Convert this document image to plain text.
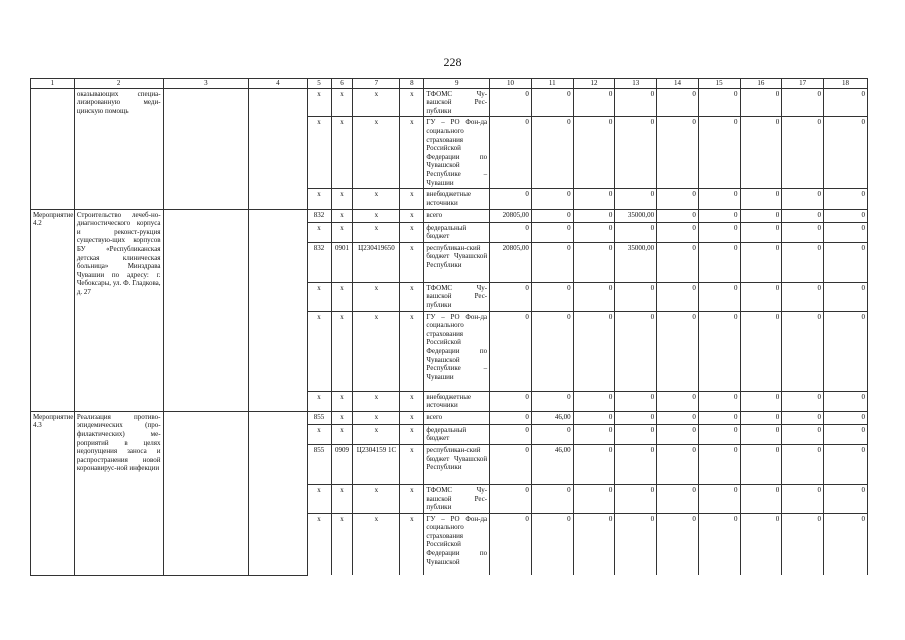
228
1	2	3	4	5	6	7	8	9	10	11	12	13	14	15	16	17	18
	оказывающих специа-лизированную меди-цинскую помощь			x	x	x	x	ТФОМС Чу-вашской Рес-публики	0	0	0	0	0	0	0	0	0
				x	x	x	x	ГУ – РО Фон-да социального страхования Российской Федерации по Чувашской Республике – Чувашии	0	0	0	0	0	0	0	0	0
				x	x	x	x	внебюджетные источники	0	0	0	0	0	0	0	0	0
Мероприятие 4.2	Строительство лечеб-но-диагностического корпуса и реконст-рукция существую-щих корпусов БУ «Республиканская детская клиническая больница» Минздрава Чувашии по адресу: г. Чебоксары, ул. Ф. Гладкова, д. 27			832	x	x	x	всего	20805,00	0	0	35000,00	0	0	0	0	0
				x	x	x	x	федеральный бюджет	0	0	0	0	0	0	0	0	0
				832	0901	Ц230419650	x	республикан-ский бюджет Чувашской Республики	20805,00	0	0	35000,00	0	0	0	0	0
				x	x	x	x	ТФОМС Чу-вашской Рес-публики	0	0	0	0	0	0	0	0	0
				x	x	x	x	ГУ – РО Фон-да социального страхования Российской Федерации по Чувашской Республике – Чувашии	0	0	0	0	0	0	0	0	0
				x	x	x	x	внебюджетные источники	0	0	0	0	0	0	0	0	0
Мероприятие 4.3	Реализация противо-эпидемических (про-филактических) ме-роприятий в целях недопущения заноса и распространения новой коронавирус-ной инфекции			855	x	x	x	всего	0	46,00	0	0	0	0	0	0	0
				x	x	x	x	федеральный бюджет	0	0	0	0	0	0	0	0	0
				855	0909	Ц2304159 1С	x	республикан-ский бюджет Чувашской Республики	0	46,00	0	0	0	0	0	0	0
				x	x	x	x	ТФОМС Чу-вашской Рес-публики	0	0	0	0	0	0	0	0	0
				x	x	x	x	ГУ – РО Фон-да социального страхования Российской Федерации по Чувашской	0	0	0	0	0	0	0	0	0
